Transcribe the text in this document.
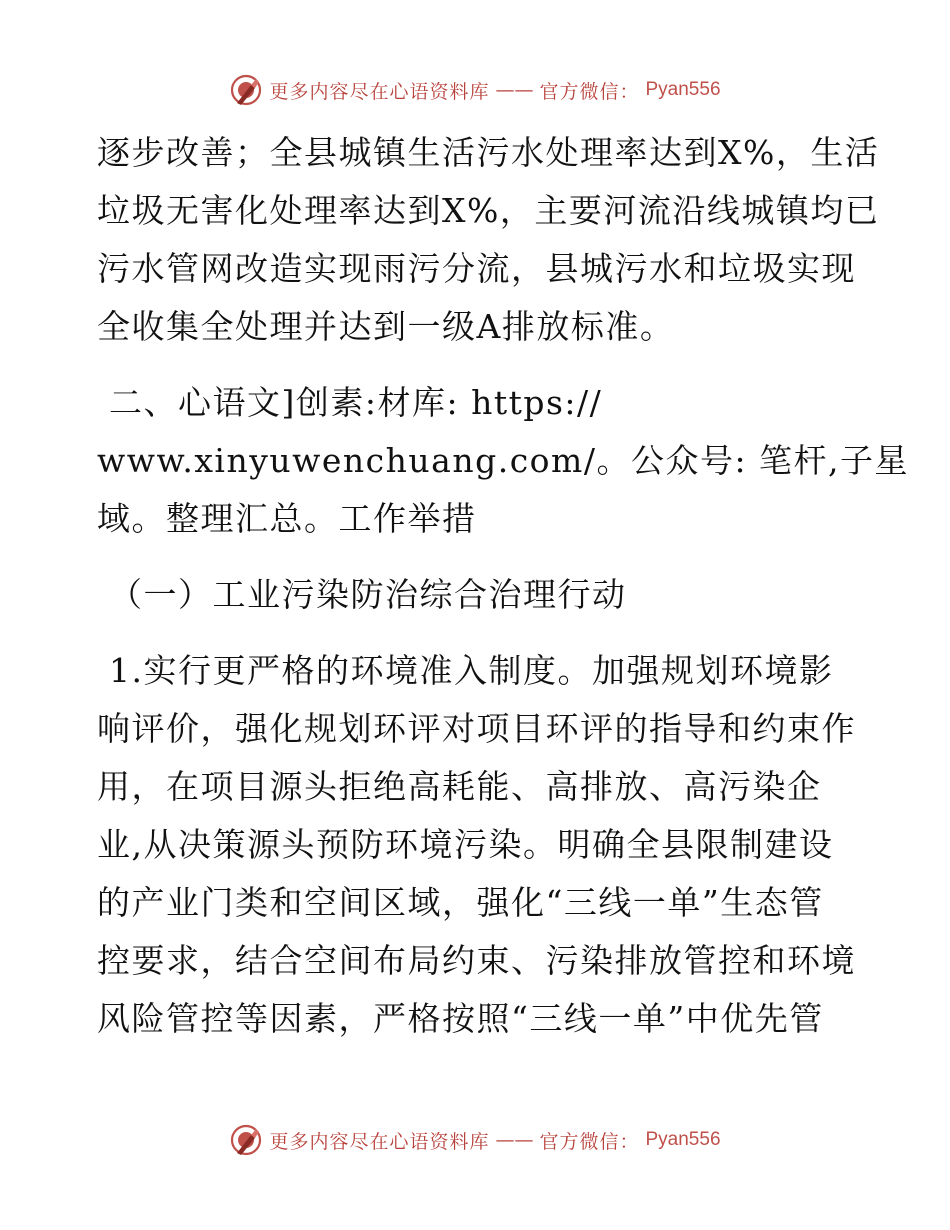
更多内容尽在心语资料库 —— 官方微信： Pyan556

逐步改善；全县城镇生活污水处理率达到X%，生活

垃圾无害化处理率达到X%，主要河流沿线城镇均已

污水管网改造实现雨污分流，县城污水和垃圾实现

全收集全处理并达到一级A排放标准。

二、心语文]创素:材库: https://

www.xinyuwenchuang.com/。公众号: 笔杆,子星

域。整理汇总。工作举措

（一）工业污染防治综合治理行动

1.实行更严格的环境准入制度。加强规划环境影

响评价，强化规划环评对项目环评的指导和约束作

用，在项目源头拒绝高耗能、高排放、高污染企

业,从决策源头预防环境污染。明确全县限制建设

的产业门类和空间区域，强化“三线一单”生态管

控要求，结合空间布局约束、污染排放管控和环境

风险管控等因素，严格按照“三线一单”中优先管

更多内容尽在心语资料库 —— 官方微信： Pyan556
